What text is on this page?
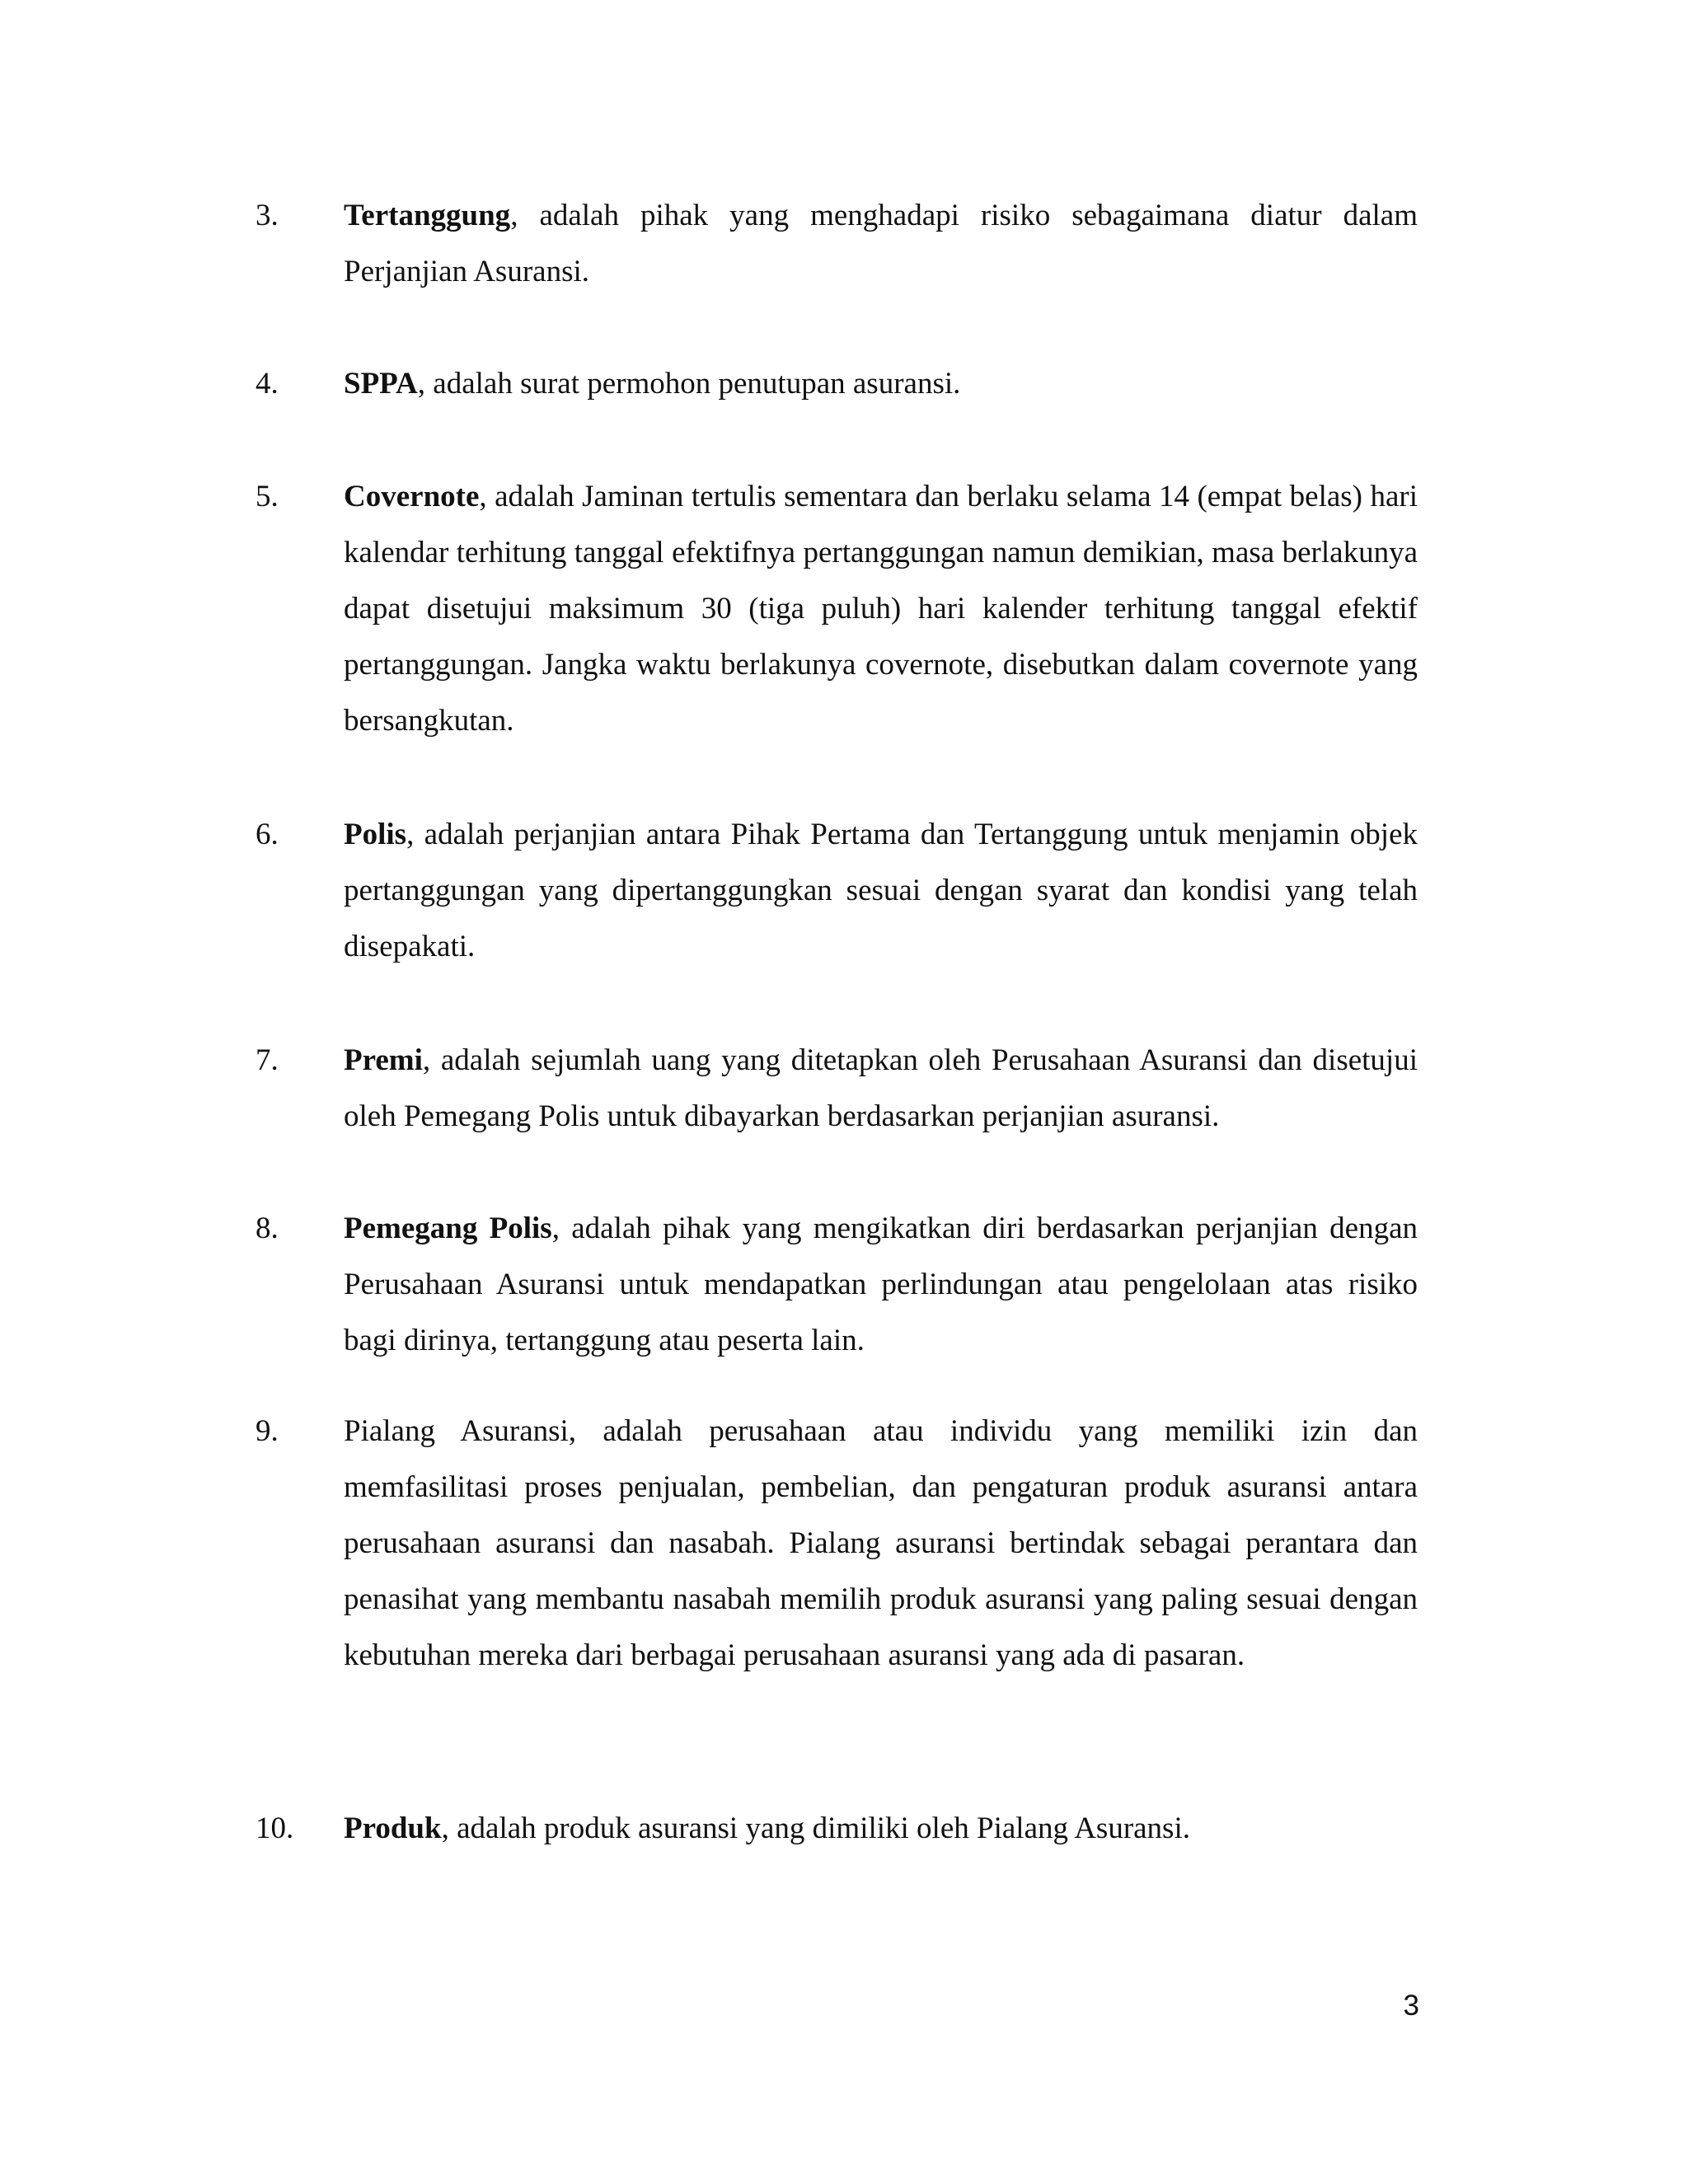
3.	Tertanggung, adalah pihak yang menghadapi risiko sebagaimana diatur dalam Perjanjian Asuransi.
4.	SPPA, adalah surat permohon penutupan asuransi.
5.	Covernote, adalah Jaminan tertulis sementara dan berlaku selama 14 (empat belas) hari kalendar terhitung tanggal efektifnya pertanggungan namun demikian, masa berlakunya dapat disetujui maksimum 30 (tiga puluh) hari kalender terhitung tanggal efektif pertanggungan. Jangka waktu berlakunya covernote, disebutkan dalam covernote yang bersangkutan.
6.	Polis, adalah perjanjian antara Pihak Pertama dan Tertanggung untuk menjamin objek pertanggungan yang dipertanggungkan sesuai dengan syarat dan kondisi yang telah disepakati.
7.	Premi, adalah sejumlah uang yang ditetapkan oleh Perusahaan Asuransi dan disetujui oleh Pemegang Polis untuk dibayarkan berdasarkan perjanjian asuransi.
8.	Pemegang Polis, adalah pihak yang mengikatkan diri berdasarkan perjanjian dengan Perusahaan Asuransi untuk mendapatkan perlindungan atau pengelolaan atas risiko bagi dirinya, tertanggung atau peserta lain.
9.	Pialang Asuransi, adalah perusahaan atau individu yang memiliki izin dan memfasilitasi proses penjualan, pembelian, dan pengaturan produk asuransi antara perusahaan asuransi dan nasabah. Pialang asuransi bertindak sebagai perantara dan penasihat yang membantu nasabah memilih produk asuransi yang paling sesuai dengan kebutuhan mereka dari berbagai perusahaan asuransi yang ada di pasaran.
10.	Produk, adalah produk asuransi yang dimiliki oleh Pialang Asuransi.
3
